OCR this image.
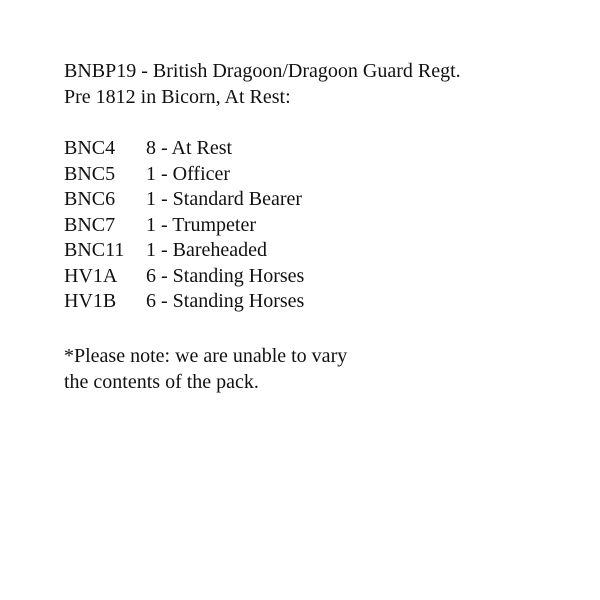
BNBP19 - British Dragoon/Dragoon Guard Regt.
Pre 1812 in Bicorn, At Rest:
BNC4	8 - At Rest
BNC5	1 - Officer
BNC6	1 - Standard Bearer
BNC7	1 - Trumpeter
BNC11	1 - Bareheaded
HV1A	6 - Standing Horses
HV1B	6 - Standing Horses
*Please note: we are unable to vary
the contents of the pack.
